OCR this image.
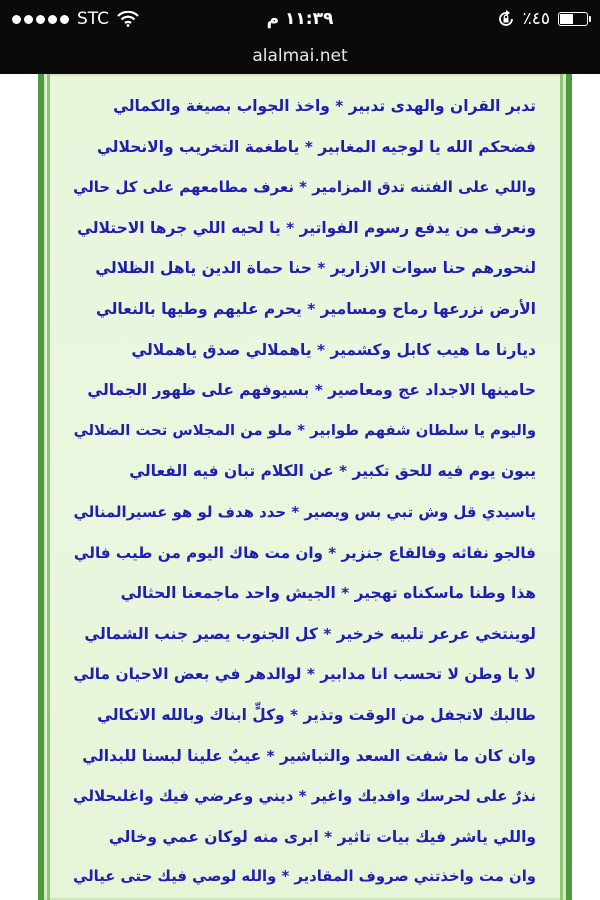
STC	١١:٣٩ م	٪٤٥
alalmai.net
تدبر القران والهدى تدبير * واخذ الجواب بصيغة والكمالي
فضحكم الله يا لوجيه المغابير * ياطغمة التخريب والانحلالي
واللي على الفتنه تدق المزامير * نعرف مطامعهم على كل حالي
ونعرف من يدفع رسوم الفواتير * يا لحيه اللي جرها الاحتلالي
لنحورهم حنا سوات الازارير * حنا حماة الدين ياهل الظلالي
الأرض نزرعها رماح ومسامير * يحرم عليهم وطيها بالنعالي
ديارنا ما هيب كابل وكشمير * ياهملالي صدق ياهملالي
حامينها الاجداد عج ومعاصير * بسيوفهم على ظهور الجمالي
واليوم يا سلطان شفهم طوابير * ملو من المجلاس تحت الضلالي
يبون يوم فيه للحق تكبير * عن الكلام تبان فيه الفعالي
ياسيدي قل وش تبي بس ويصير * حدد هدف لو هو عسيرالمنالي
فالجو نفاثه وفالقاع جنزير * وان مت هاك اليوم من طيب فالي
هذا وطنا ماسكناه تهجير * الجيش واحد ماجمعنا الحثالي
لوينتخي عرعر تلبيه خرخير * كل الجنوب يصير جنب الشمالي
لا يا وطن لا تحسب انا مدابير * لوالدهر في بعض الاحيان مالي
طالبك لاتجفل من الوقت وتذير * وكلٍّ ابناك وبالله الاتكالي
وان كان ما شفت السعد والتباشير * عيبٌ علينا لبسنا للبدالي
نذرٌ على لحرسك وافديك واغير * ديني وعرضي فيك واغلىحلالي
واللي ياشر فيك بيات تاثير * ابرى منه لوكان عمي وخالي
وان مت واخذتني صروف المقادير * والله لوصي فيك حتى عيالي
